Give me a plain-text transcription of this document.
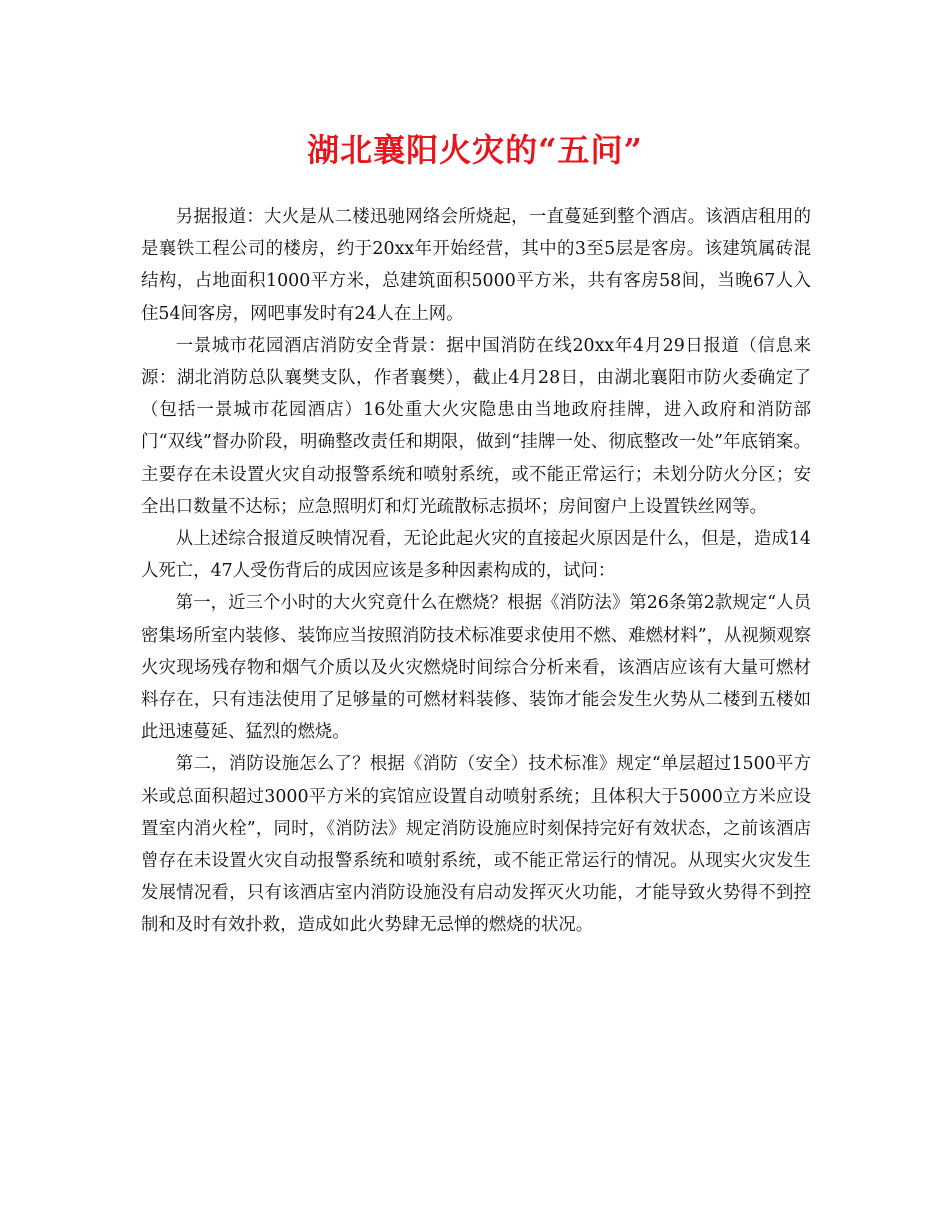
湖北襄阳火灾的“五问”

另据报道：大火是从二楼迅驰网络会所烧起，一直蔓延到整个酒店。该酒店租用的是襄铁工程公司的楼房，约于20xx年开始经营，其中的3至5层是客房。该建筑属砖混结构，占地面积1000平方米，总建筑面积5000平方米，共有客房58间，当晚67人入住54间客房，网吧事发时有24人在上网。

一景城市花园酒店消防安全背景：据中国消防在线20xx年4月29日报道（信息来源：湖北消防总队襄樊支队，作者襄樊），截止4月28日，由湖北襄阳市防火委确定了（包括一景城市花园酒店）16处重大火灾隐患由当地政府挂牌，进入政府和消防部门“双线”督办阶段，明确整改责任和期限，做到“挂牌一处、彻底整改一处”年底销案。主要存在未设置火灾自动报警系统和喷射系统，或不能正常运行；未划分防火分区；安全出口数量不达标；应急照明灯和灯光疏散标志损坏；房间窗户上设置铁丝网等。

从上述综合报道反映情况看，无论此起火灾的直接起火原因是什么，但是，造成14人死亡，47人受伤背后的成因应该是多种因素构成的，试问：

第一，近三个小时的大火究竟什么在燃烧？根据《消防法》第26条第2款规定“人员密集场所室内装修、装饰应当按照消防技术标准要求使用不燃、难燃材料”，从视频观察火灾现场残存物和烟气介质以及火灾燃烧时间综合分析来看，该酒店应该有大量可燃材料存在，只有违法使用了足够量的可燃材料装修、装饰才能会发生火势从二楼到五楼如此迅速蔓延、猛烈的燃烧。

第二，消防设施怎么了？根据《消防（安全）技术标准》规定“单层超过1500平方米或总面积超过3000平方米的宾馆应设置自动喷射系统；且体积大于5000立方米应设置室内消火栓”，同时，《消防法》规定消防设施应时刻保持完好有效状态，之前该酒店曾存在未设置火灾自动报警系统和喷射系统，或不能正常运行的情况。从现实火灾发生发展情况看，只有该酒店室内消防设施没有启动发挥灭火功能，才能导致火势得不到控制和及时有效扑救，造成如此火势肆无忌惮的燃烧的状况。
